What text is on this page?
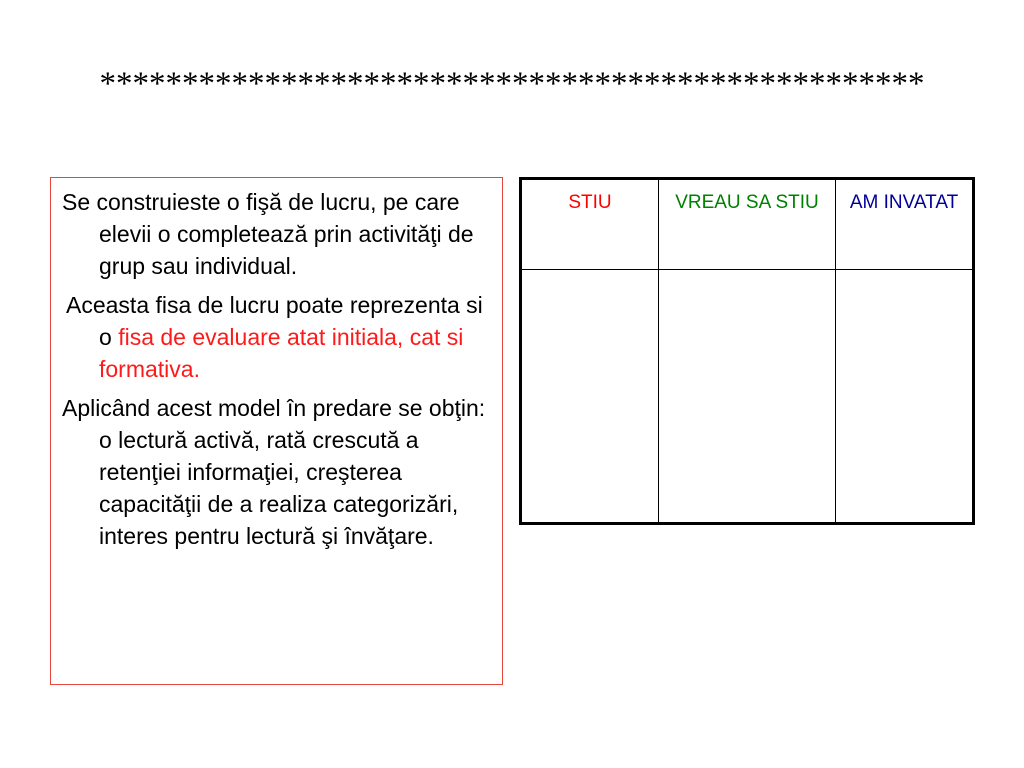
**************************************************

Se construieste o fişă de lucru, pe care elevii o completează prin activităţi de grup sau individual.

Aceasta fisa de lucru poate reprezenta si o fisa de evaluare atat initiala, cat si formativa.

Aplicând acest model în predare se obţin: o lectură activă, rată crescută a retenţiei informaţiei, creşterea capacităţii de a realiza categorizări, interes pentru lectură şi învăţare.

STIU	VREAU SA STIU	AM INVATAT
